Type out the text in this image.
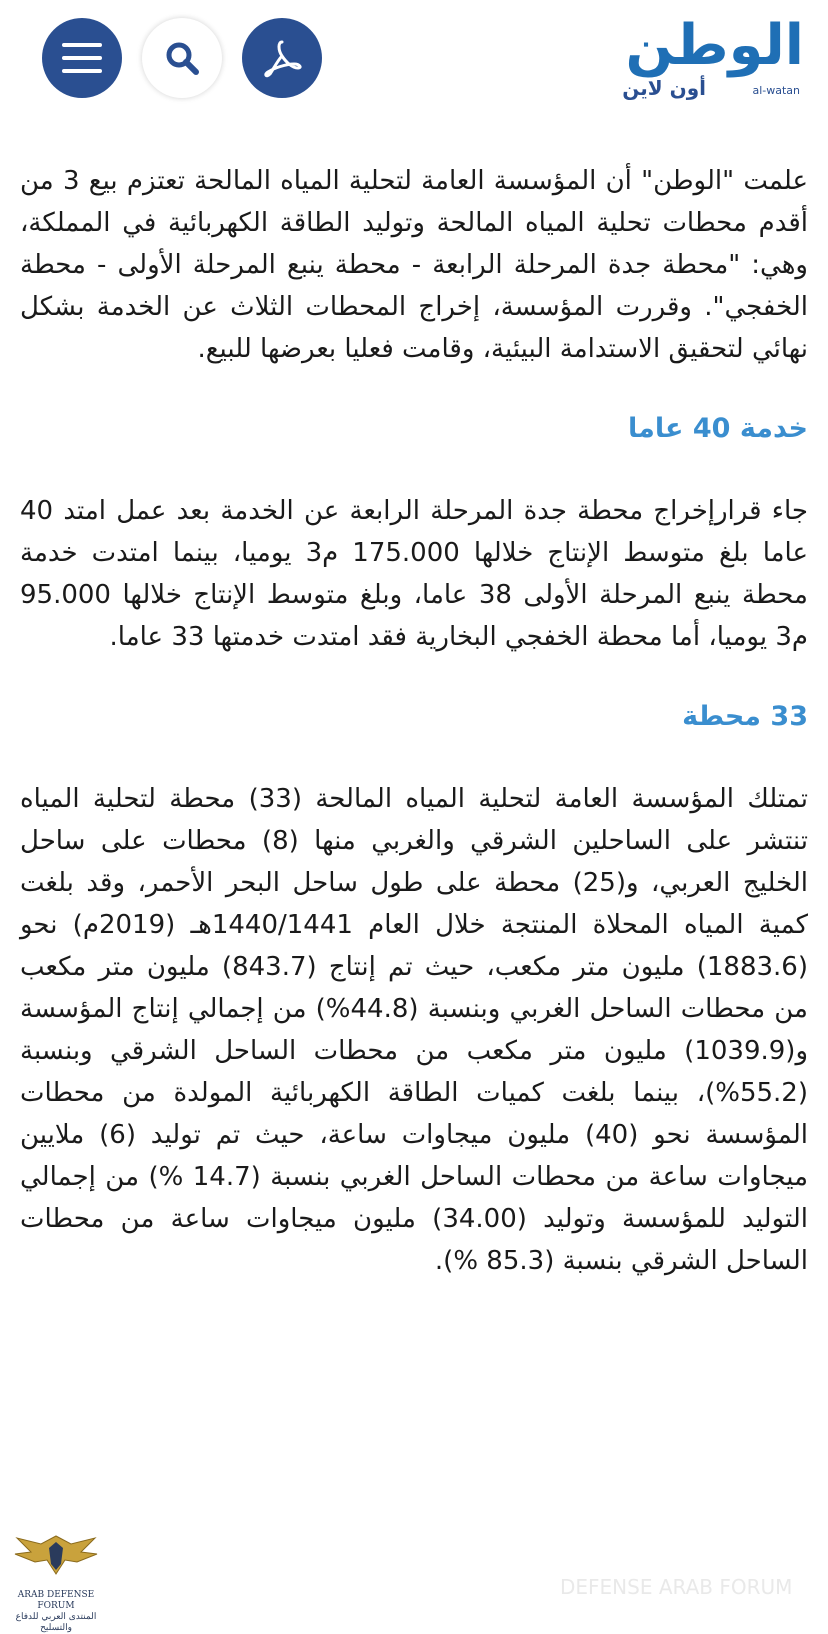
الوطن
أون لاين	al-watan

علمت "الوطن" أن المؤسسة العامة لتحلية المياه المالحة تعتزم بيع 3 من أقدم محطات تحلية المياه المالحة وتوليد الطاقة الكهربائية في المملكة، وهي: "محطة جدة المرحلة الرابعة - محطة ينبع المرحلة الأولى - محطة الخفجي". وقررت المؤسسة، إخراج المحطات الثلاث عن الخدمة بشكل نهائي لتحقيق الاستدامة البيئية، وقامت فعليا بعرضها للبيع.

خدمة 40 عاما

جاء قرارإخراج محطة جدة المرحلة الرابعة عن الخدمة بعد عمل امتد 40 عاما بلغ متوسط الإنتاج خلالها 175.000 م3 يوميا، بينما امتدت خدمة محطة ينبع المرحلة الأولى 38 عاما، وبلغ متوسط الإنتاج خلالها 95.000 م3 يوميا، أما محطة الخفجي البخارية فقد امتدت خدمتها 33 عاما.

33 محطة

تمتلك المؤسسة العامة لتحلية المياه المالحة (33) محطة لتحلية المياه تنتشر على الساحلين الشرقي والغربي منها (8) محطات على ساحل الخليج العربي، و(25) محطة على طول ساحل البحر الأحمر، وقد بلغت كمية المياه المحلاة المنتجة خلال العام 1440/1441هـ (2019م) نحو (1883.6) مليون متر مكعب، حيث تم إنتاج (843.7) مليون متر مكعب من محطات الساحل الغربي وبنسبة (44.8%) من إجمالي إنتاج المؤسسة و(1039.9) مليون متر مكعب من محطات الساحل الشرقي وبنسبة (55.2%)، بينما بلغت كميات الطاقة الكهربائية المولدة من محطات المؤسسة نحو (40) مليون ميجاوات ساعة، حيث تم توليد (6) ملايين ميجاوات ساعة من محطات الساحل الغربي بنسبة (14.7 %) من إجمالي التوليد للمؤسسة وتوليد (34.00) مليون ميجاوات ساعة من محطات الساحل الشرقي بنسبة (85.3 %).

ARAB DEFENSE FORUM
المنتدى العربي للدفاع والتسليح
DEFENSE ARAB FORUM
